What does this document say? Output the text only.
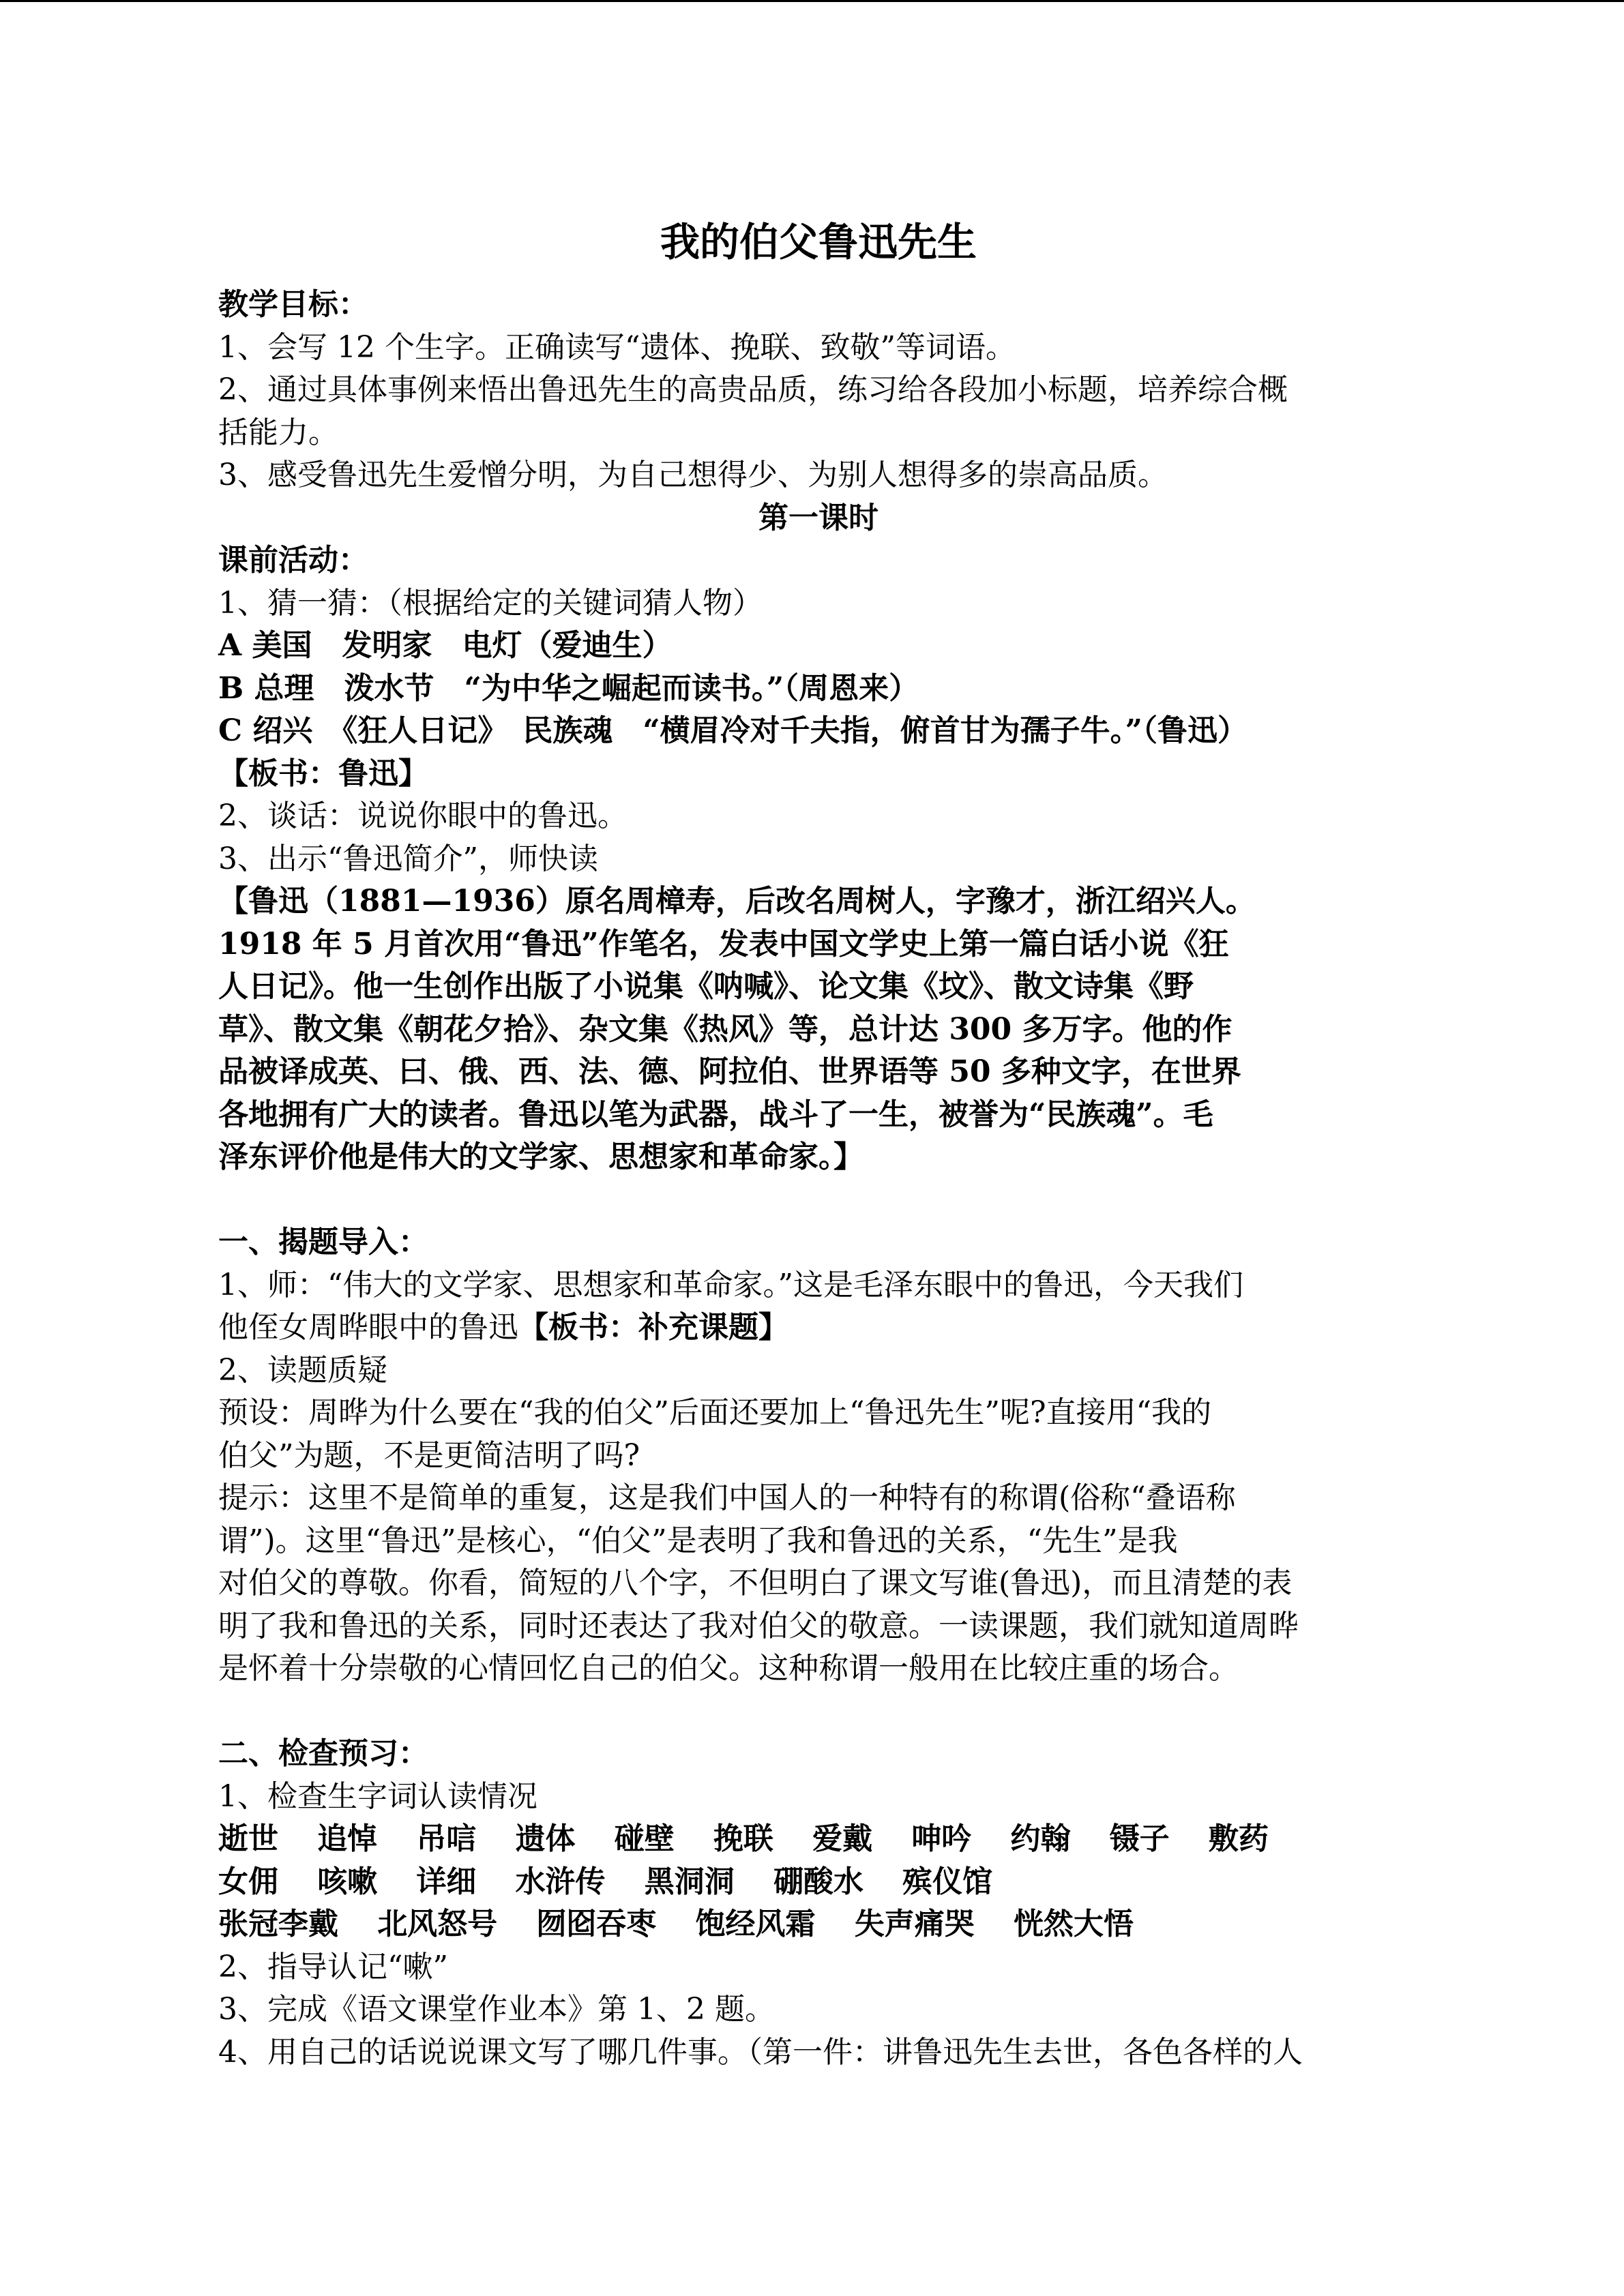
我的伯父鲁迅先生
教学目标：
1、会写 12 个生字。正确读写“遗体、挽联、致敬”等词语。
2、通过具体事例来悟出鲁迅先生的高贵品质，练习给各段加小标题，培养综合概
括能力。
3、感受鲁迅先生爱憎分明，为自己想得少、为别人想得多的崇高品质。
第一课时
课前活动：
1、猜一猜：（根据给定的关键词猜人物）
A 美国　发明家　电灯（爱迪生）
B 总理　泼水节　“为中华之崛起而读书。”（周恩来）
C 绍兴　《狂人日记》　民族魂　“横眉冷对千夫指，俯首甘为孺子牛。”（鲁迅）
【板书：鲁迅】
2、谈话：说说你眼中的鲁迅。
3、出示“鲁迅简介”，师快读
【鲁迅（1881—1936）原名周樟寿，后改名周树人，字豫才，浙江绍兴人。
1918 年 5 月首次用“鲁迅”作笔名，发表中国文学史上第一篇白话小说《狂
人日记》。他一生创作出版了小说集《呐喊》、论文集《坟》、散文诗集《野
草》、散文集《朝花夕拾》、杂文集《热风》等，总计达 300 多万字。他的作
品被译成英、曰、俄、西、法、德、阿拉伯、世界语等 50 多种文字，在世界
各地拥有广大的读者。鲁迅以笔为武器，战斗了一生，被誉为“民族魂”。毛
泽东评价他是伟大的文学家、思想家和革命家。】
一、揭题导入：
1、师：“伟大的文学家、思想家和革命家。”这是毛泽东眼中的鲁迅，今天我们
他侄女周晔眼中的鲁迅【板书：补充课题】
2、读题质疑
预设：周晔为什么要在“我的伯父”后面还要加上“鲁迅先生”呢?直接用“我的
伯父”为题，不是更简洁明了吗?
提示：这里不是简单的重复，这是我们中国人的一种特有的称谓(俗称“叠语称
谓”)。这里“鲁迅”是核心，“伯父”是表明了我和鲁迅的关系，“先生”是我
对伯父的尊敬。你看，简短的八个字，不但明白了课文写谁(鲁迅)，而且清楚的表
明了我和鲁迅的关系，同时还表达了我对伯父的敬意。一读课题，我们就知道周晔
是怀着十分崇敬的心情回忆自己的伯父。这种称谓一般用在比较庄重的场合。
二、检查预习：
1、检查生字词认读情况
逝世 追悼 吊唁 遗体 碰壁 挽联 爱戴 呻吟 约翰 镊子 敷药
女佣 咳嗽 详细 水浒传 黑洞洞 硼酸水 殡仪馆
张冠李戴 北风怒号 囫囵吞枣 饱经风霜 失声痛哭 恍然大悟
2、指导认记“嗽”
3、完成《语文课堂作业本》第 1、2 题。
4、用自己的话说说课文写了哪几件事。（第一件：讲鲁迅先生去世，各色各样的人
